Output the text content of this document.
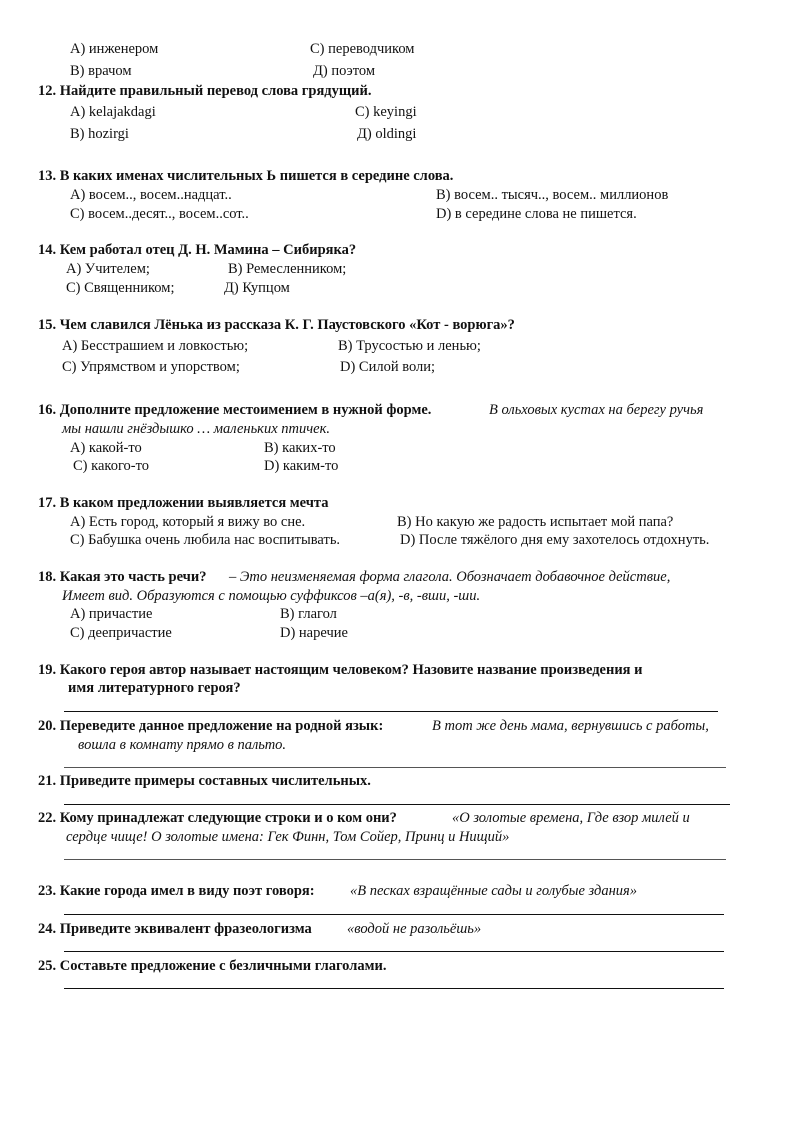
А) инженером	С) переводчиком
В) врачом	Д) поэтом
12. Найдите правильный перевод слова грядущий.
А) kelajakdagi	С) keyingi
В) hozirgi	Д) oldingi
13. В каких именах числительных Ь пишется в середине слова.
А) восем.., восем..надцат..	В) восем.. тысяч.., восем.. миллионов
С) восем..десят.., восем..сот..	D) в середине слова не пишется.
14. Кем работал отец Д. Н. Мамина – Сибиряка?
А) Учителем;	В) Ремесленником;
С) Священником;	Д) Купцом
15. Чем славился Лёнька из рассказа К. Г. Паустовского «Кот - ворюга»?
А) Бесстрашием и ловкостью;	В) Трусостью и ленью;
С) Упрямством и упорством;	D) Силой воли;
16. Дополните предложение местоимением в нужной форме.	В ольховых кустах на берегу ручья
мы нашли гнёздышко … маленьких птичек.
А) какой-то	В) каких-то
С) какого-то	D) каким-то
17. В каком предложении выявляется мечта
А) Есть город, который я вижу во сне.	В) Но какую же радость испытает мой папа?
С) Бабушка очень любила нас воспитывать.	D) После тяжёлого дня ему захотелось отдохнуть.
18. Какая это часть речи? – Это неизменяемая форма глагола. Обозначает добавочное действие,
Имеет вид. Образуются с помощью суффиксов –а(я), -в, -вши, -ши.
А) причастие	В) глагол
С) деепричастие	D) наречие
19. Какого героя автор называет настоящим человеком? Назовите название произведения и
имя литературного героя?
20. Переведите данное предложение на родной язык:	В тот же день мама, вернувшись с работы,
вошла в комнату прямо в пальто.
21. Приведите примеры составных числительных.
22. Кому принадлежат следующие строки и о ком они?	«О золотые времена, Где взор милей и
сердце чище! О золотые имена: Гек Финн, Том Сойер, Принц и Нищий»
23. Какие города имел в виду поэт говоря: «В песках взращённые сады и голубые здания»
24. Приведите эквивалент фразеологизма «водой не разольёшь»
25. Составьте предложение с безличными глаголами.
